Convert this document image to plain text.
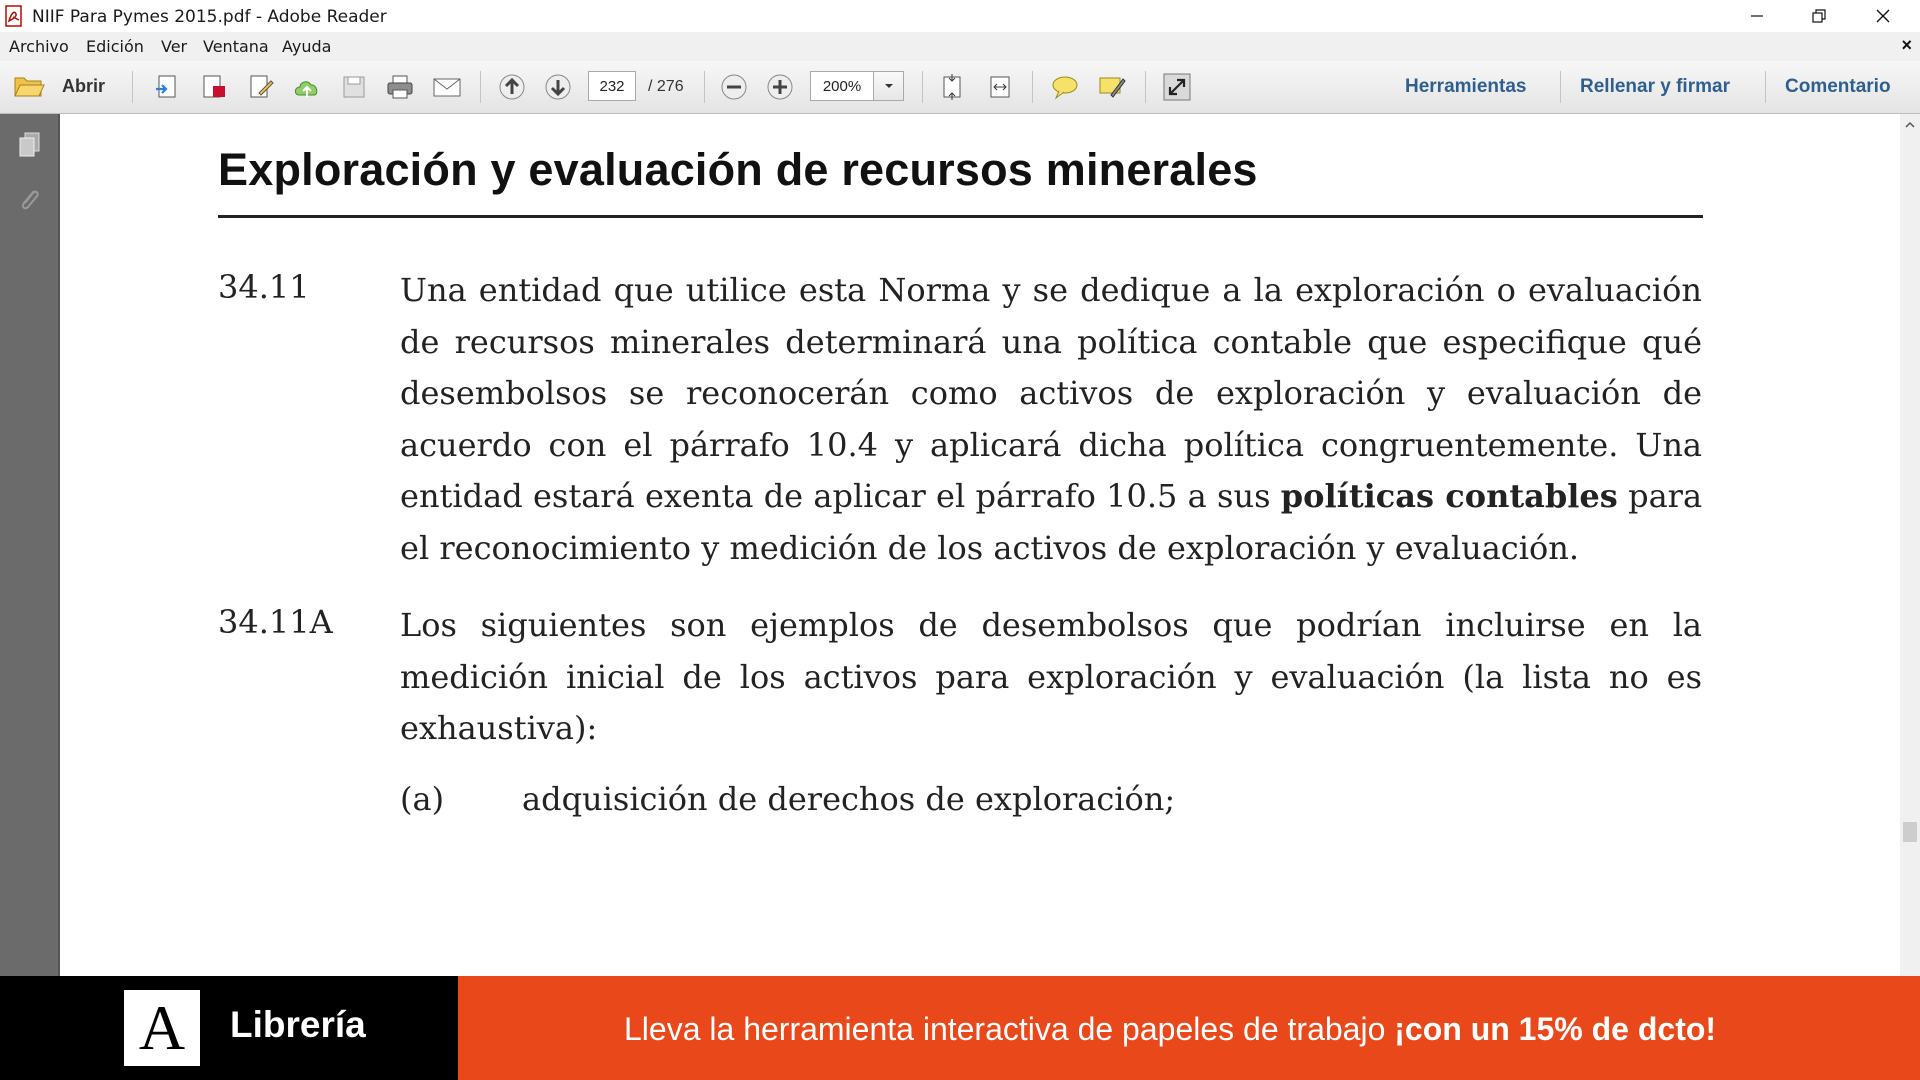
NIIF Para Pymes 2015.pdf - Adobe Reader
Archivo Edición Ver Ventana Ayuda	×
Abrir
232	/ 276
200%	Herramientas	Rellenar y firmar	Comentario
Exploración y evaluación de recursos minerales
34.11	Una entidad que utilice esta Norma y se dedique a la exploración o evaluación de recursos minerales determinará una política contable que especifique qué desembolsos se reconocerán como activos de exploración y evaluación de acuerdo con el párrafo 10.4 y aplicará dicha política congruentemente. Una entidad estará exenta de aplicar el párrafo 10.5 a sus políticas contables para el reconocimiento y medición de los activos de exploración y evaluación.
34.11A Los siguientes son ejemplos de desembolsos que podrían incluirse en la medición inicial de los activos para exploración y evaluación (la lista no es exhaustiva):
(a) adquisición de derechos de exploración;
A Librería	Lleva la herramienta interactiva de papeles de trabajo ¡con un 15% de dcto!
